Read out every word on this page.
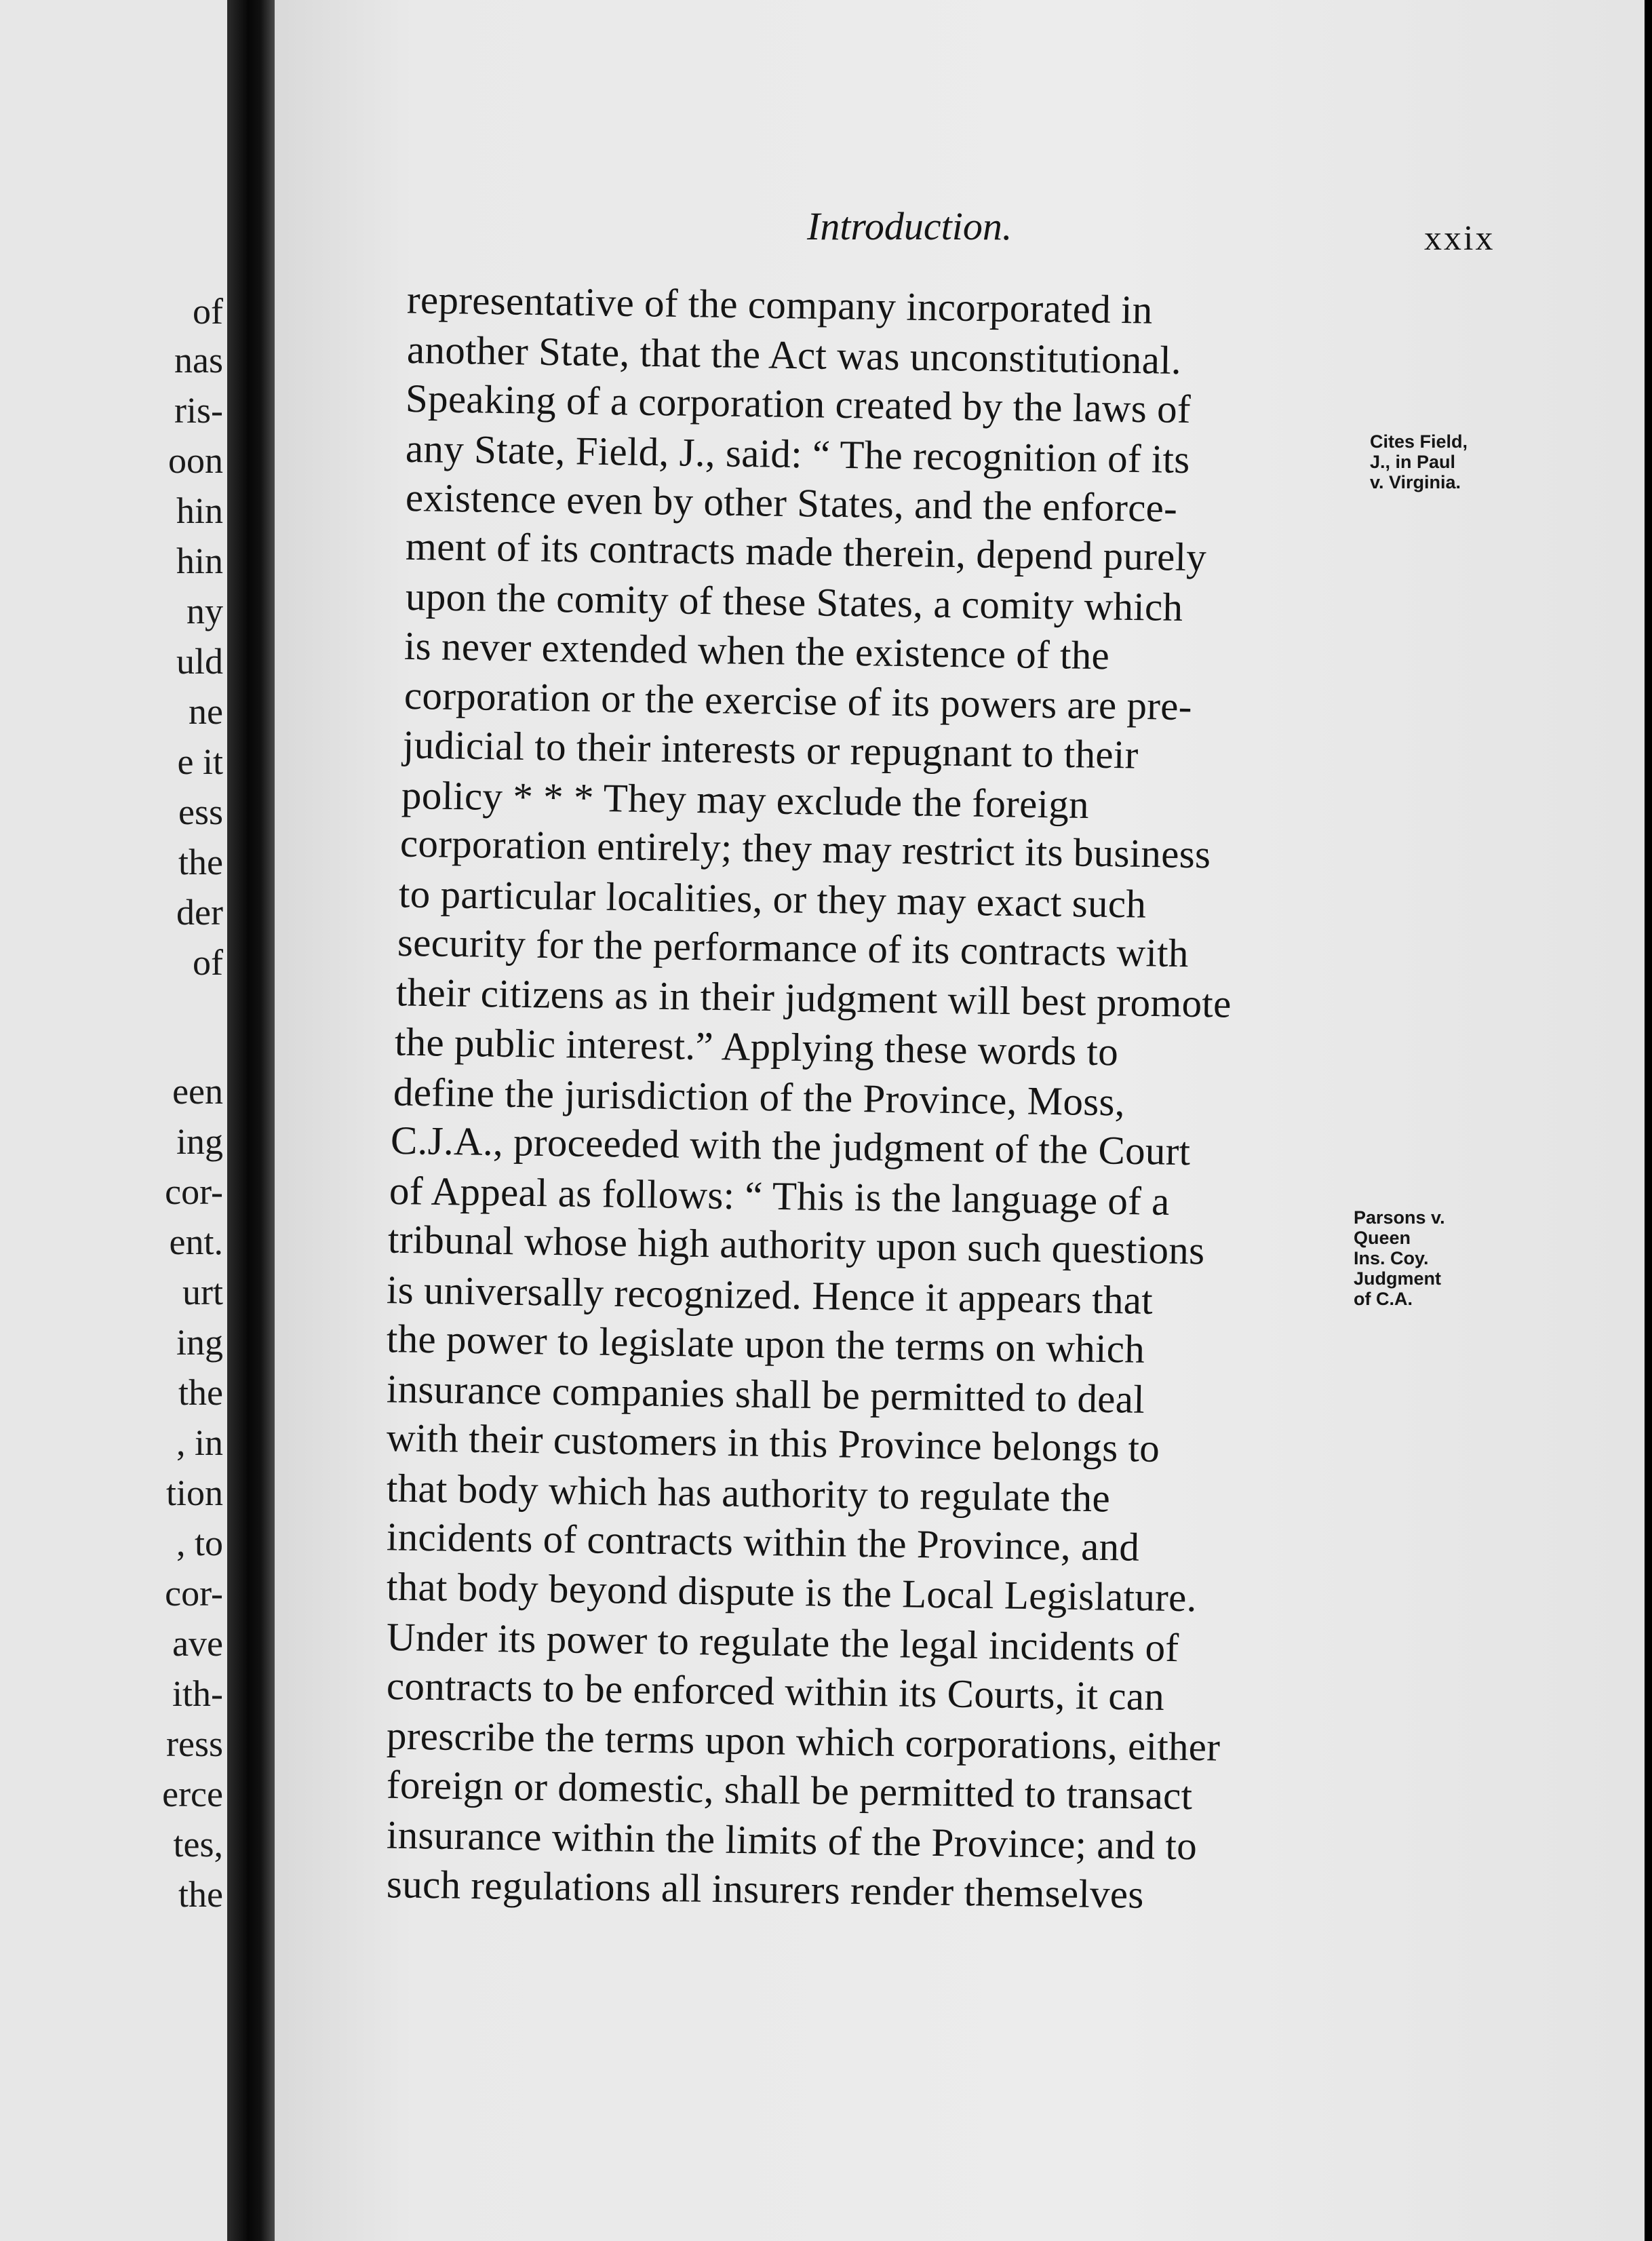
of
nas
ris-
oon
hin
hin
ny
uld
ne
e it
ess
the
der
of
een
ing
cor-
ent.
urt
ing
the
, in
tion
, to
cor-
ave
ith-
ress
erce
tes,
the
Introduction.	xxix
representative of the company incorporated in
another State, that the Act was unconstitutional.
Speaking of a corporation created by the laws of
any State, Field, J., said: “ The recognition of its
existence even by other States, and the enforce-
ment of its contracts made therein, depend purely
upon the comity of these States, a comity which
is never extended when the existence of the
corporation or the exercise of its powers are pre-
judicial to their interests or repugnant to their
policy * * * They may exclude the foreign
corporation entirely; they may restrict its business
to particular localities, or they may exact such
security for the performance of its contracts with
their citizens as in their judgment will best promote
the public interest.” Applying these words to
define the jurisdiction of the Province, Moss,
C.J.A., proceeded with the judgment of the Court
of Appeal as follows: “ This is the language of a
tribunal whose high authority upon such questions
is universally recognized. Hence it appears that
the power to legislate upon the terms on which
insurance companies shall be permitted to deal
with their customers in this Province belongs to
that body which has authority to regulate the
incidents of contracts within the Province, and
that body beyond dispute is the Local Legislature.
Under its power to regulate the legal incidents of
contracts to be enforced within its Courts, it can
prescribe the terms upon which corporations, either
foreign or domestic, shall be permitted to transact
insurance within the limits of the Province; and to
such regulations all insurers render themselves
Cites Field,
J., in Paul
v. Virginia.
Parsons v.
Queen
Ins. Coy.
Judgment
of C.A.
